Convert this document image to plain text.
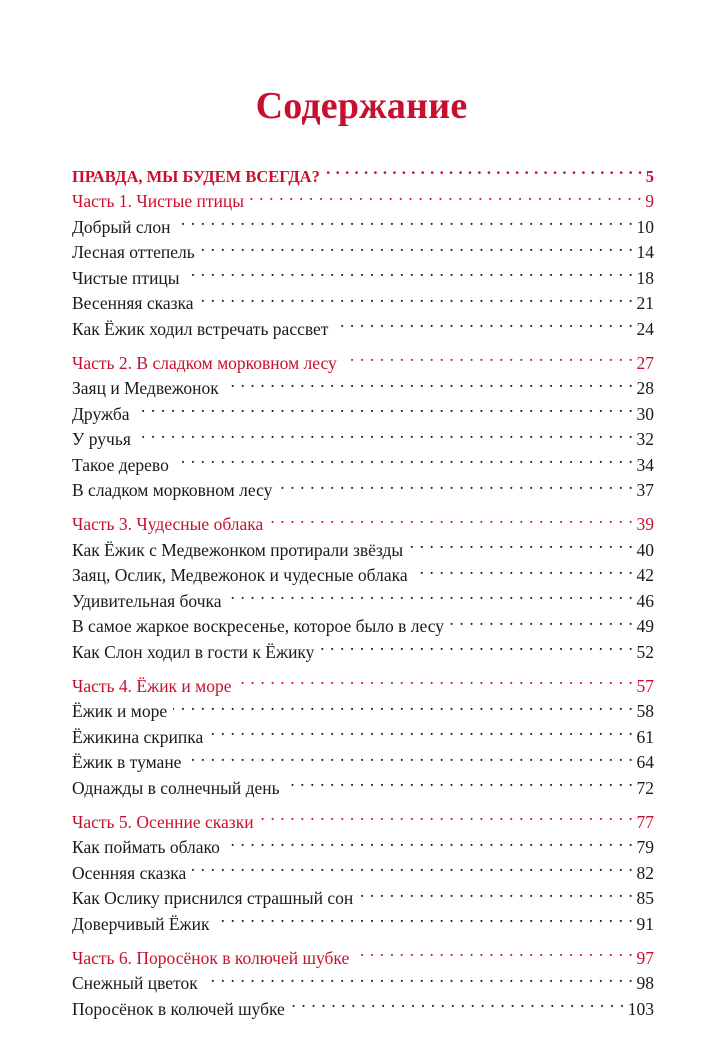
Содержание
ПРАВДА, МЫ БУДЕМ ВСЕГДА? . . .	5
Часть 1. Чистые птицы . . .	9
Добрый слон . . .	10
Лесная оттепель . . .	14
Чистые птицы . . .	18
Весенняя сказка . . .	21
Как Ёжик ходил встречать рассвет . . .	24
Часть 2. В сладком морковном лесу . . .	27
Заяц и Медвежонок . . .	28
Дружба . . .	30
У ручья . . .	32
Такое дерево . . .	34
В сладком морковном лесу . . .	37
Часть 3. Чудесные облака . . .	39
Как Ёжик с Медвежонком протирали звёзды . . .	40
Заяц, Ослик, Медвежонок и чудесные облака . . .	42
Удивительная бочка . . .	46
В самое жаркое воскресенье, которое было в лесу . . .	49
Как Слон ходил в гости к Ёжику . . .	52
Часть 4. Ёжик и море . . .	57
Ёжик и море . . .	58
Ёжикина скрипка . . .	61
Ёжик в тумане . . .	64
Однажды в солнечный день . . .	72
Часть 5. Осенние сказки . . .	77
Как поймать облако . . .	79
Осенняя сказка . . .	82
Как Ослику приснился страшный сон . . .	85
Доверчивый Ёжик . . .	91
Часть 6. Поросёнок в колючей шубке . . .	97
Снежный цветок . . .	98
Поросёнок в колючей шубке . . .	103
